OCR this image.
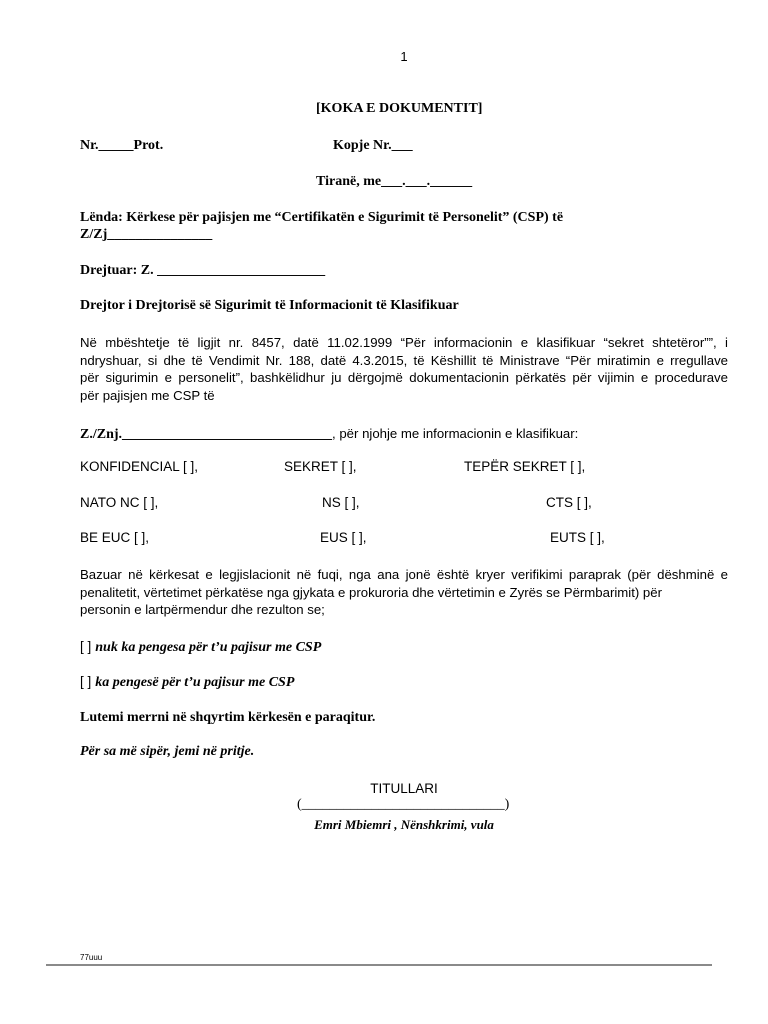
1
[KOKA E DOKUMENTIT]
Nr._____Prot.	Kopje Nr.___
Tiranë, me___.___.______
Lënda: Kërkese për pajisjen me “Certifikatën e Sigurimit të Personelit” (CSP) të
Z/Zj_______________
Drejtuar: Z. ________________________
Drejtor i Drejtorisë së Sigurimit të Informacionit të Klasifikuar
Në mbështetje të ligjit nr. 8457, datë 11.02.1999 “Për informacionin e klasifikuar “sekret shtetëror””, i
ndryshuar, si dhe të Vendimit Nr. 188, datë 4.3.2015, të Këshillit të Ministrave “Për miratimin e rregullave
për sigurimin e personelit”, bashkëlidhur ju dërgojmë dokumentacionin përkatës për vijimin e procedurave
për pajisjen me CSP të
Z./Znj.______________________________, për njohje me informacionin e klasifikuar:
KONFIDENCIAL [ ],	SEKRET [ ],	TEPËR SEKRET [ ],
NATO NC [ ],	NS [ ],	CTS [ ],
BE EUC [ ],	EUS [ ],	EUTS [ ],
Bazuar në kërkesat e legjislacionit në fuqi, nga ana jonë është kryer verifikimi paraprak (për dëshminë e
penalitetit, vërtetimet përkatëse nga gjykata e prokuroria dhe vërtetimin e Zyrës se Përmbarimit) për
personin e lartpërmendur dhe rezulton se;
[ ] nuk ka pengesa për t’u pajisur me CSP
[ ] ka pengesë për t’u pajisur me CSP
Lutemi merrni në shqyrtim kërkesën e paraqitur.
Për sa më sipër, jemi në pritje.
TITULLARI
(_____________________________)
Emri Mbiemri , Nënshkrimi, vula
77uuu
